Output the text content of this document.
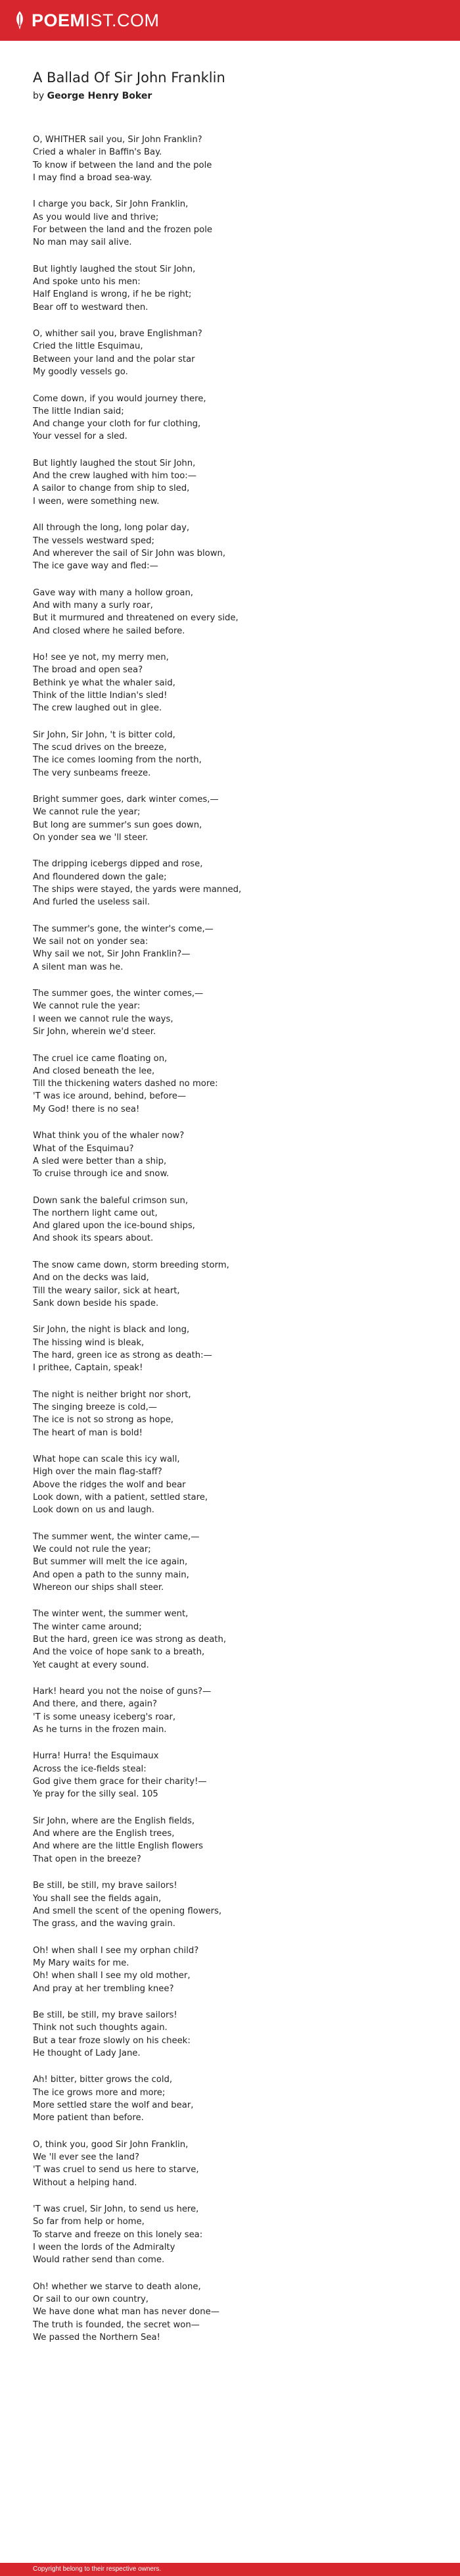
POEMIST.COM
A Ballad Of Sir John Franklin
by George Henry Boker
O, WHITHER sail you, Sir John Franklin?
Cried a whaler in Baffin's Bay.
To know if between the land and the pole
I may find a broad sea-way.
I charge you back, Sir John Franklin,
As you would live and thrive;
For between the land and the frozen pole
No man may sail alive.
But lightly laughed the stout Sir John,
And spoke unto his men:
Half England is wrong, if he be right;
Bear off to westward then.
O, whither sail you, brave Englishman?
Cried the little Esquimau,
Between your land and the polar star
My goodly vessels go.
Come down, if you would journey there,
The little Indian said;
And change your cloth for fur clothing,
Your vessel for a sled.
But lightly laughed the stout Sir John,
And the crew laughed with him too:—
A sailor to change from ship to sled,
I ween, were something new.
All through the long, long polar day,
The vessels westward sped;
And wherever the sail of Sir John was blown,
The ice gave way and fled:—
Gave way with many a hollow groan,
And with many a surly roar,
But it murmured and threatened on every side,
And closed where he sailed before.
Ho! see ye not, my merry men,
The broad and open sea?
Bethink ye what the whaler said,
Think of the little Indian's sled!
The crew laughed out in glee.
Sir John, Sir John, 't is bitter cold,
The scud drives on the breeze,
The ice comes looming from the north,
The very sunbeams freeze.
Bright summer goes, dark winter comes,—
We cannot rule the year;
But long are summer's sun goes down,
On yonder sea we 'll steer.
The dripping icebergs dipped and rose,
And floundered down the gale;
The ships were stayed, the yards were manned,
And furled the useless sail.
The summer's gone, the winter's come,—
We sail not on yonder sea:
Why sail we not, Sir John Franklin?—
A silent man was he.
The summer goes, the winter comes,—
We cannot rule the year:
I ween we cannot rule the ways,
Sir John, wherein we'd steer.
The cruel ice came floating on,
And closed beneath the lee,
Till the thickening waters dashed no more:
'T was ice around, behind, before—
My God! there is no sea!
What think you of the whaler now?
What of the Esquimau?
A sled were better than a ship,
To cruise through ice and snow.
Down sank the baleful crimson sun,
The northern light came out,
And glared upon the ice-bound ships,
And shook its spears about.
The snow came down, storm breeding storm,
And on the decks was laid,
Till the weary sailor, sick at heart,
Sank down beside his spade.
Sir John, the night is black and long,
The hissing wind is bleak,
The hard, green ice as strong as death:—
I prithee, Captain, speak!
The night is neither bright nor short,
The singing breeze is cold,—
The ice is not so strong as hope,
The heart of man is bold!
What hope can scale this icy wall,
High over the main flag-staff?
Above the ridges the wolf and bear
Look down, with a patient, settled stare,
Look down on us and laugh.
The summer went, the winter came,—
We could not rule the year;
But summer will melt the ice again,
And open a path to the sunny main,
Whereon our ships shall steer.
The winter went, the summer went,
The winter came around;
But the hard, green ice was strong as death,
And the voice of hope sank to a breath,
Yet caught at every sound.
Hark! heard you not the noise of guns?—
And there, and there, again?
'T is some uneasy iceberg's roar,
As he turns in the frozen main.
Hurra! Hurra! the Esquimaux
Across the ice-fields steal:
God give them grace for their charity!—
Ye pray for the silly seal. 105
Sir John, where are the English fields,
And where are the English trees,
And where are the little English flowers
That open in the breeze?
Be still, be still, my brave sailors!
You shall see the fields again,
And smell the scent of the opening flowers,
The grass, and the waving grain.
Oh! when shall I see my orphan child?
My Mary waits for me.
Oh! when shall I see my old mother,
And pray at her trembling knee?
Be still, be still, my brave sailors!
Think not such thoughts again.
But a tear froze slowly on his cheek:
He thought of Lady Jane.
Ah! bitter, bitter grows the cold,
The ice grows more and more;
More settled stare the wolf and bear,
More patient than before.
O, think you, good Sir John Franklin,
We 'll ever see the land?
'T was cruel to send us here to starve,
Without a helping hand.
'T was cruel, Sir John, to send us here,
So far from help or home,
To starve and freeze on this lonely sea:
I ween the lords of the Admiralty
Would rather send than come.
Oh! whether we starve to death alone,
Or sail to our own country,
We have done what man has never done—
The truth is founded, the secret won—
We passed the Northern Sea!
Copyright belong to their respective owners.
